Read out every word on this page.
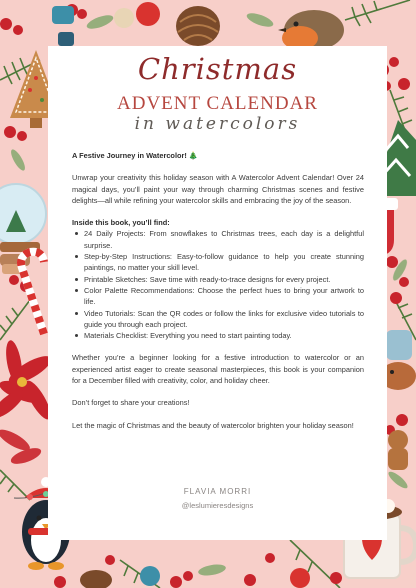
Christmas
ADVENT CALENDAR
in watercolors
A Festive Journey in Watercolor! 🎄

Unwrap your creativity this holiday season with A Watercolor Advent Calendar! Over 24 magical days, you’ll paint your way through charming Christmas scenes and festive delights—all while refining your watercolor skills and embracing the joy of the season.

Inside this book, you’ll find:
24 Daily Projects: From snowflakes to Christmas trees, each day is a delightful surprise.
Step-by-Step Instructions: Easy-to-follow guidance to help you create stunning paintings, no matter your skill level.
Printable Sketches: Save time with ready-to-trace designs for every project.
Color Palette Recommendations: Choose the perfect hues to bring your artwork to life.
Video Tutorials: Scan the QR codes or follow the links for exclusive video tutorials to guide you through each project.
Materials Checklist: Everything you need to start painting today.

Whether you’re a beginner looking for a festive introduction to watercolor or an experienced artist eager to create seasonal masterpieces, this book is your companion for a December filled with creativity, color, and holiday cheer.

Don’t forget to share your creations!

Let the magic of Christmas and the beauty of watercolor brighten your holiday season!

FLAVIA MORRI
@leslumieresdesigns
